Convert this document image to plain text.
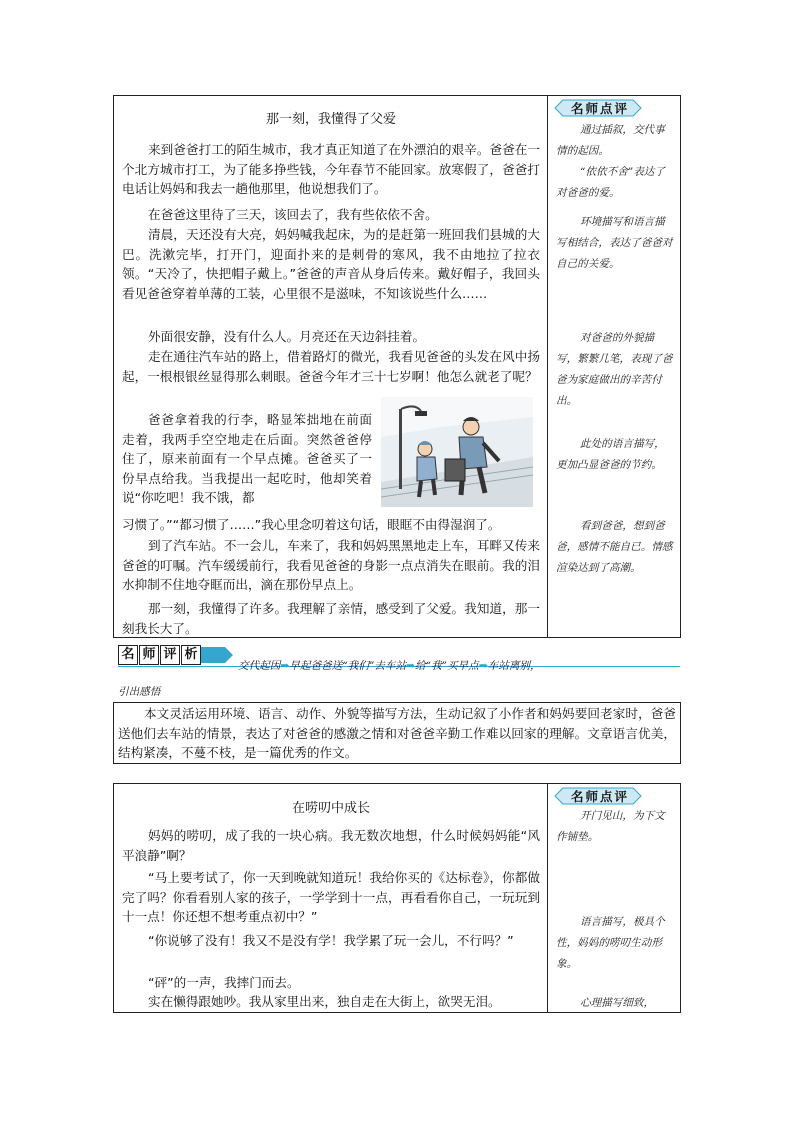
那一刻，我懂得了父爱
来到爸爸打工的陌生城市，我才真正知道了在外漂泊的艰辛。爸爸在一个北方城市打工，为了能多挣些钱，今年春节不能回家。放寒假了，爸爸打电话让妈妈和我去一趟他那里，他说想我们了。
在爸爸这里待了三天，该回去了，我有些依依不舍。
清晨，天还没有大亮，妈妈喊我起床，为的是赶第一班回我们县城的大巴。洗漱完毕，打开门，迎面扑来的是刺骨的寒风，我不由地拉了拉衣领。“天冷了，快把帽子戴上。”爸爸的声音从身后传来。戴好帽子，我回头看见爸爸穿着单薄的工装，心里很不是滋味，不知该说些什么……
外面很安静，没有什么人。月亮还在天边斜挂着。
走在通往汽车站的路上，借着路灯的微光，我看见爸爸的头发在风中扬起，一根根银丝显得那么刺眼。爸爸今年才三十七岁啊！他怎么就老了呢？
爸爸拿着我的行李，略显笨拙地在前面走着，我两手空空地走在后面。突然爸爸停住了，原来前面有一个早点摊。爸爸买了一份早点给我。当我提出一起吃时，他却笑着说“你吃吧！我不饿，都
习惯了。”“都习惯了……”我心里念叨着这句话，眼眶不由得湿润了。
到了汽车站。不一会儿，车来了，我和妈妈黑黑地走上车，耳畔又传来爸爸的叮嘱。汽车缓缓前行，我看见爸爸的身影一点点消失在眼前。我的泪水抑制不住地夺眶而出，滴在那份早点上。
那一刻，我懂得了许多。我理解了亲情，感受到了父爱。我知道，那一刻我长大了。
名师点评
通过插叙，交代事情的起因。
“依依不舍”表达了对爸爸的爱。
环境描写和语言描写相结合，表达了爸爸对自己的关爱。
对爸爸的外貌描写，繁繁几笔，表现了爸爸为家庭做出的辛苦付出。
此处的语言描写，更加凸显爸爸的节约。
看到爸爸，想到爸爸，感情不能自已。情感渲染达到了高潮。
名 师 评 析
交代起因➡早起爸爸送“我们”去车站➡给“我”买早点➡车站离别，
引出感悟
本文灵活运用环境、语言、动作、外貌等描写方法，生动记叙了小作者和妈妈要回老家时，爸爸送他们去车站的情景，表达了对爸爸的感激之情和对爸爸辛勤工作难以回家的理解。文章语言优美，结构紧凑，不蔓不枝，是一篇优秀的作文。
在唠叨中成长
妈妈的唠叨，成了我的一块心病。我无数次地想，什么时候妈妈能“风平浪静”啊？
“马上要考试了，你一天到晚就知道玩！我给你买的《达标卷》，你都做完了吗？你看看别人家的孩子，一学学到十一点，再看看你自己，一玩玩到十一点！你还想不想考重点初中？”
“你说够了没有！我又不是没有学！我学累了玩一会儿，不行吗？”
“砰”的一声，我摔门而去。
实在懒得跟她吵。我从家里出来，独自走在大街上，欲哭无泪。
名师点评
开门见山，为下文作铺垫。
语言描写，极具个性，妈妈的唠叨生动形象。
心理描写细致，
